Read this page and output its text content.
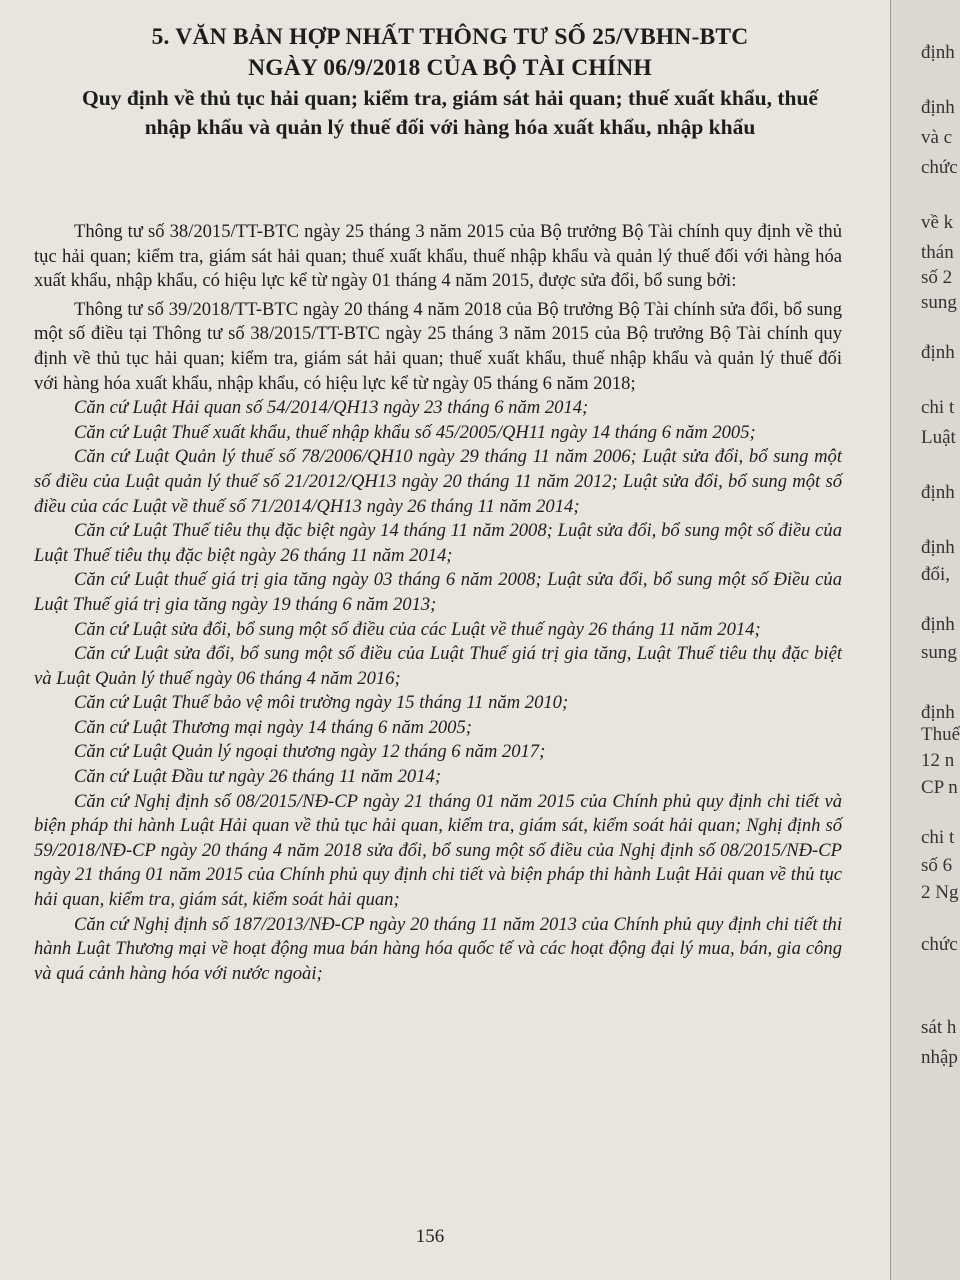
5. VĂN BẢN HỢP NHẤT THÔNG TƯ SỐ 25/VBHN-BTC
NGÀY 06/9/2018 CỦA BỘ TÀI CHÍNH
Quy định về thủ tục hải quan; kiểm tra, giám sát hải quan; thuế xuất khẩu, thuế nhập khẩu và quản lý thuế đối với hàng hóa xuất khẩu, nhập khẩu

Thông tư số 38/2015/TT-BTC ngày 25 tháng 3 năm 2015 của Bộ trưởng Bộ Tài chính quy định về thủ tục hải quan; kiểm tra, giám sát hải quan; thuế xuất khẩu, thuế nhập khẩu và quản lý thuế đối với hàng hóa xuất khẩu, nhập khẩu, có hiệu lực kể từ ngày 01 tháng 4 năm 2015, được sửa đổi, bổ sung bởi:

Thông tư số 39/2018/TT-BTC ngày 20 tháng 4 năm 2018 của Bộ trưởng Bộ Tài chính sửa đổi, bổ sung một số điều tại Thông tư số 38/2015/TT-BTC ngày 25 tháng 3 năm 2015 của Bộ trưởng Bộ Tài chính quy định về thủ tục hải quan; kiểm tra, giám sát hải quan; thuế xuất khẩu, thuế nhập khẩu và quản lý thuế đối với hàng hóa xuất khẩu, nhập khẩu, có hiệu lực kể từ ngày 05 tháng 6 năm 2018;

Căn cứ Luật Hải quan số 54/2014/QH13 ngày 23 tháng 6 năm 2014;

Căn cứ Luật Thuế xuất khẩu, thuế nhập khẩu số 45/2005/QH11 ngày 14 tháng 6 năm 2005;

Căn cứ Luật Quản lý thuế số 78/2006/QH10 ngày 29 tháng 11 năm 2006; Luật sửa đổi, bổ sung một số điều của Luật quản lý thuế số 21/2012/QH13 ngày 20 tháng 11 năm 2012; Luật sửa đổi, bổ sung một số điều của các Luật về thuế số 71/2014/QH13 ngày 26 tháng 11 năm 2014;

Căn cứ Luật Thuế tiêu thụ đặc biệt ngày 14 tháng 11 năm 2008; Luật sửa đổi, bổ sung một số điều của Luật Thuế tiêu thụ đặc biệt ngày 26 tháng 11 năm 2014;

Căn cứ Luật thuế giá trị gia tăng ngày 03 tháng 6 năm 2008; Luật sửa đổi, bổ sung một số Điều của Luật Thuế giá trị gia tăng ngày 19 tháng 6 năm 2013;

Căn cứ Luật sửa đổi, bổ sung một số điều của các Luật về thuế ngày 26 tháng 11 năm 2014;

Căn cứ Luật sửa đổi, bổ sung một số điều của Luật Thuế giá trị gia tăng, Luật Thuế tiêu thụ đặc biệt và Luật Quản lý thuế ngày 06 tháng 4 năm 2016;

Căn cứ Luật Thuế bảo vệ môi trường ngày 15 tháng 11 năm 2010;

Căn cứ Luật Thương mại ngày 14 tháng 6 năm 2005;

Căn cứ Luật Quản lý ngoại thương ngày 12 tháng 6 năm 2017;

Căn cứ Luật Đầu tư ngày 26 tháng 11 năm 2014;

Căn cứ Nghị định số 08/2015/NĐ-CP ngày 21 tháng 01 năm 2015 của Chính phủ quy định chi tiết và biện pháp thi hành Luật Hải quan về thủ tục hải quan, kiểm tra, giám sát, kiểm soát hải quan; Nghị định số 59/2018/NĐ-CP ngày 20 tháng 4 năm 2018 sửa đổi, bổ sung một số điều của Nghị định số 08/2015/NĐ-CP ngày 21 tháng 01 năm 2015 của Chính phủ quy định chi tiết và biện pháp thi hành Luật Hải quan về thủ tục hải quan, kiểm tra, giám sát, kiểm soát hải quan;

Căn cứ Nghị định số 187/2013/NĐ-CP ngày 20 tháng 11 năm 2013 của Chính phủ quy định chi tiết thi hành Luật Thương mại về hoạt động mua bán hàng hóa quốc tế và các hoạt động đại lý mua, bán, gia công và quá cảnh hàng hóa với nước ngoài;

156
định
định
và c
chức
về k
thán
số 2
sung
định
chi t
Luật
định
định
đổi,
định
sung
định
Thuế
12 n
CP n
chi t
số 6
2 Ng
chức
sát h
nhập
